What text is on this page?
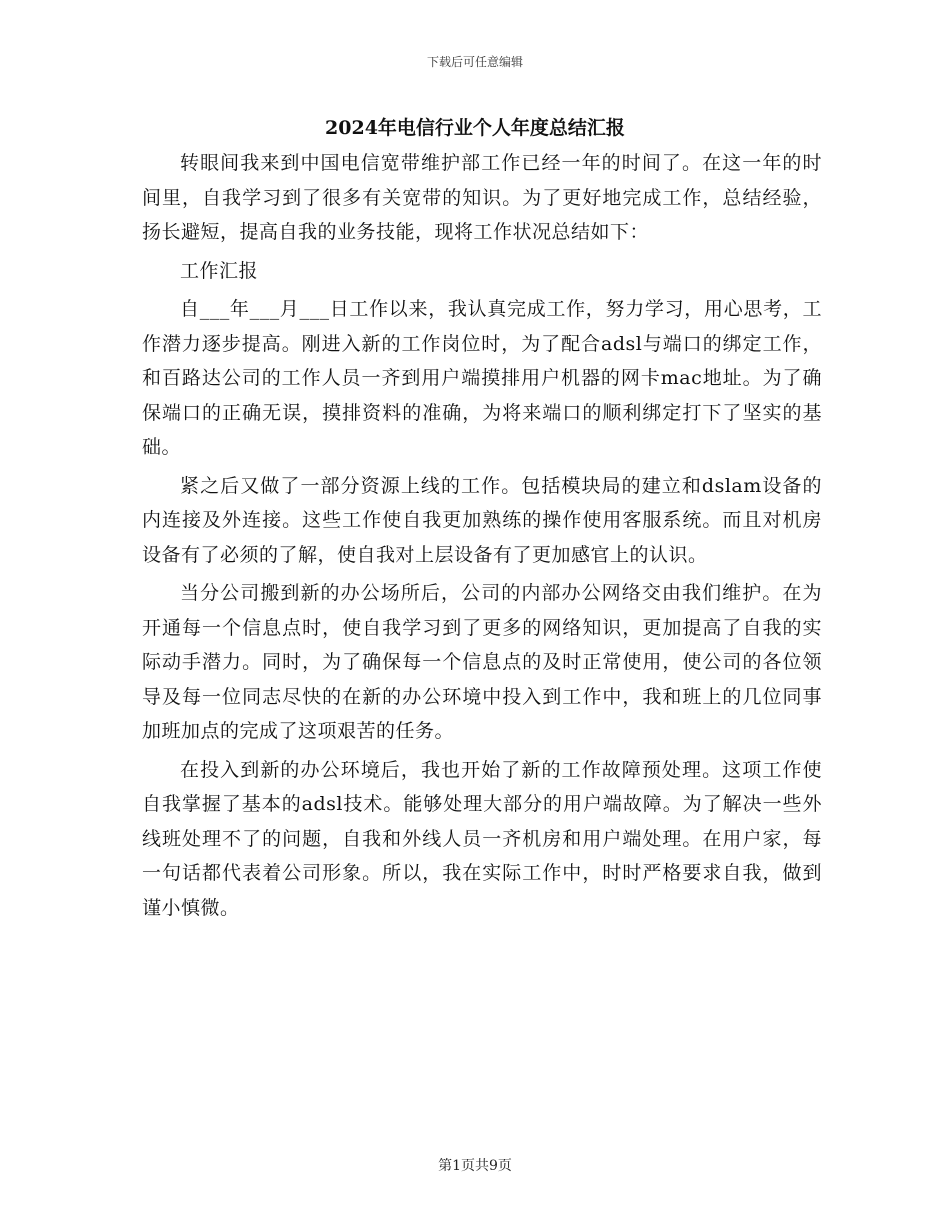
下载后可任意编辑
2024年电信行业个人年度总结汇报

转眼间我来到中国电信宽带维护部工作已经一年的时间了。在这一年的时间里，自我学习到了很多有关宽带的知识。为了更好地完成工作，总结经验，扬长避短，提高自我的业务技能，现将工作状况总结如下：

工作汇报

自___年___月___日工作以来，我认真完成工作，努力学习，用心思考，工作潜力逐步提高。刚进入新的工作岗位时，为了配合adsl与端口的绑定工作，和百路达公司的工作人员一齐到用户端摸排用户机器的网卡mac地址。为了确保端口的正确无误，摸排资料的准确，为将来端口的顺利绑定打下了坚实的基础。

紧之后又做了一部分资源上线的工作。包括模块局的建立和dslam设备的内连接及外连接。这些工作使自我更加熟练的操作使用客服系统。而且对机房设备有了必须的了解，使自我对上层设备有了更加感官上的认识。

当分公司搬到新的办公场所后，公司的内部办公网络交由我们维护。在为开通每一个信息点时，使自我学习到了更多的网络知识，更加提高了自我的实际动手潜力。同时，为了确保每一个信息点的及时正常使用，使公司的各位领导及每一位同志尽快的在新的办公环境中投入到工作中，我和班上的几位同事加班加点的完成了这项艰苦的任务。

在投入到新的办公环境后，我也开始了新的工作故障预处理。这项工作使自我掌握了基本的adsl技术。能够处理大部分的用户端故障。为了解决一些外线班处理不了的问题，自我和外线人员一齐机房和用户端处理。在用户家，每一句话都代表着公司形象。所以，我在实际工作中，时时严格要求自我，做到谨小慎微。

第1页共9页
